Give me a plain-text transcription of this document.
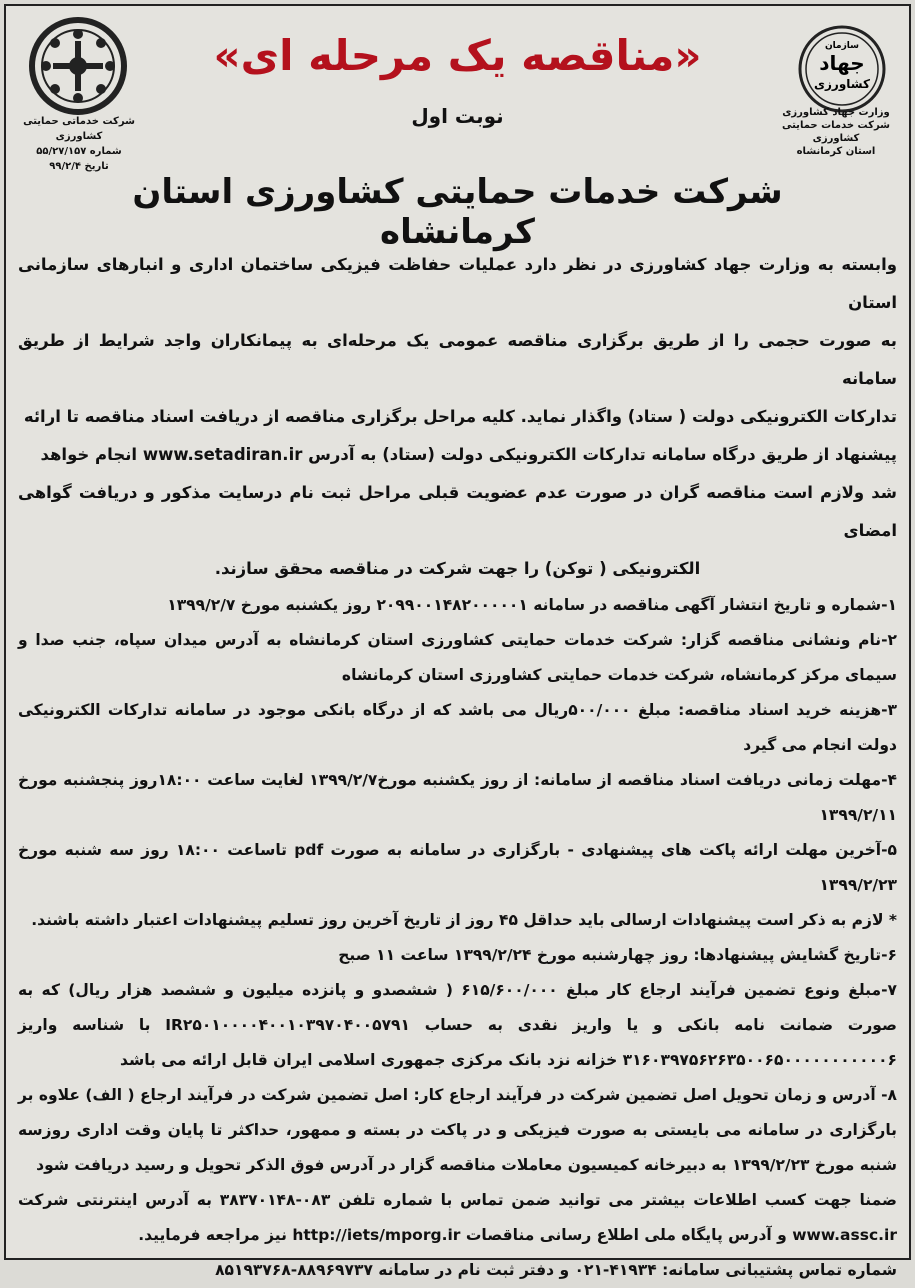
شرکت خدماتی حمایتی کشاورزی
شماره ۵۵/۲۷/۱۵۷
تاریخ ۹۹/۲/۴
سازمان
جهاد
کشاورزی
وزارت جهاد کشاورزی
شرکت خدمات حمایتی کشاورزی
استان کرمانشاه
«مناقصه یک مرحله ای»
نوبت اول
شرکت خدمات حمایتی کشاورزی استان کرمانشاه

وابسته به وزارت جهاد کشاورزی در نظر دارد عملیات حفاظت فیزیکی ساختمان اداری و انبارهای سازمانی استان

به صورت حجمی را از طریق برگزاری مناقصه عمومی یک مرحله‌ای به پیمانکاران واجد شرایط از طریق سامانه

تدارکات الکترونیکی دولت ( ستاد) واگذار نماید. کلیه مراحل برگزاری مناقصه از دریافت اسناد مناقصه تا ارائه

پیشنهاد از طریق درگاه سامانه تدارکات الکترونیکی دولت (ستاد) به آدرس www.setadiran.ir انجام خواهد

شد ولازم است مناقصه گران در صورت عدم عضویت قبلی مراحل ثبت نام درسایت مذکور و دریافت گواهی امضای

الکترونیکی ( توکن) را جهت شرکت در مناقصه محقق سازند.

۱-شماره و تاریخ انتشار آگهی مناقصه در سامانه ۲۰۹۹۰۰۱۴۸۲۰۰۰۰۰۱ روز یکشنبه مورخ ۱۳۹۹/۲/۷

۲-نام ونشانی مناقصه گزار: شرکت خدمات حمایتی کشاورزی استان کرمانشاه به آدرس میدان سپاه، جنب صدا و سیمای مرکز کرمانشاه، شرکت خدمات حمایتی کشاورزی استان کرمانشاه

۳-هزینه خرید اسناد مناقصه: مبلغ ۵۰۰/۰۰۰ریال می باشد که از درگاه بانکی موجود در سامانه تدارکات الکترونیکی دولت انجام می گیرد

۴-مهلت زمانی دریافت اسناد مناقصه از سامانه: از روز یکشنبه مورخ۱۳۹۹/۲/۷ لغایت ساعت ۱۸:۰۰روز پنجشنبه مورخ ۱۳۹۹/۲/۱۱

۵-آخرین مهلت ارائه پاکت های پیشنهادی - بارگزاری در سامانه به صورت pdf تاساعت ۱۸:۰۰ روز سه شنبه مورخ ۱۳۹۹/۲/۲۳

* لازم به ذکر است پیشنهادات ارسالی باید حداقل ۴۵ روز از تاریخ آخرین روز تسلیم پیشنهادات اعتبار داشته باشند.

۶-تاریخ گشایش پیشنهادها: روز چهارشنبه مورخ ۱۳۹۹/۲/۲۴ ساعت ۱۱ صبح

۷-مبلغ ونوع تضمین فرآیند ارجاع کار مبلغ ۶۱۵/۶۰۰/۰۰۰ ( ششصدو و پانزده میلیون و ششصد هزار ریال) که به صورت ضمانت نامه بانکی و یا واریز نقدی به حساب IR۲۵۰۱۰۰۰۰۴۰۰۱۰۳۹۷۰۴۰۰۵۷۹۱ با شناسه واریز ۳۱۶۰۳۹۷۵۶۲۶۳۵۰۰۶۵۰۰۰۰۰۰۰۰۰۰۰۶ خزانه نزد بانک مرکزی جمهوری اسلامی ایران قابل ارائه می باشد

۸- آدرس و زمان تحویل اصل تضمین شرکت در فرآیند ارجاع کار: اصل تضمین شرکت در فرآیند ارجاع ( الف) علاوه بر بارگزاری در سامانه می بایستی به صورت فیزیکی و در پاکت در بسته و ممهور، حداکثر تا پایان وقت اداری روزسه شنبه مورخ ۱۳۹۹/۲/۲۳ به دبیرخانه کمیسیون معاملات مناقصه گزار در آدرس فوق الذکر تحویل و رسید دریافت شود

ضمنا جهت کسب اطلاعات بیشتر می توانید ضمن تماس با شماره تلفن ۰۸۳-۳۸۳۷۰۱۴۸ به آدرس اینترنتی شرکت www.assc.ir و آدرس پایگاه ملی اطلاع رسانی مناقصات http://iets/mporg.ir نیز مراجعه فرمایید.

شماره تماس پشتیبانی سامانه: ۴۱۹۳۴-۰۲۱ و دفتر ثبت نام در سامانه ۸۸۹۶۹۷۳۷-۸۵۱۹۳۷۶۸
